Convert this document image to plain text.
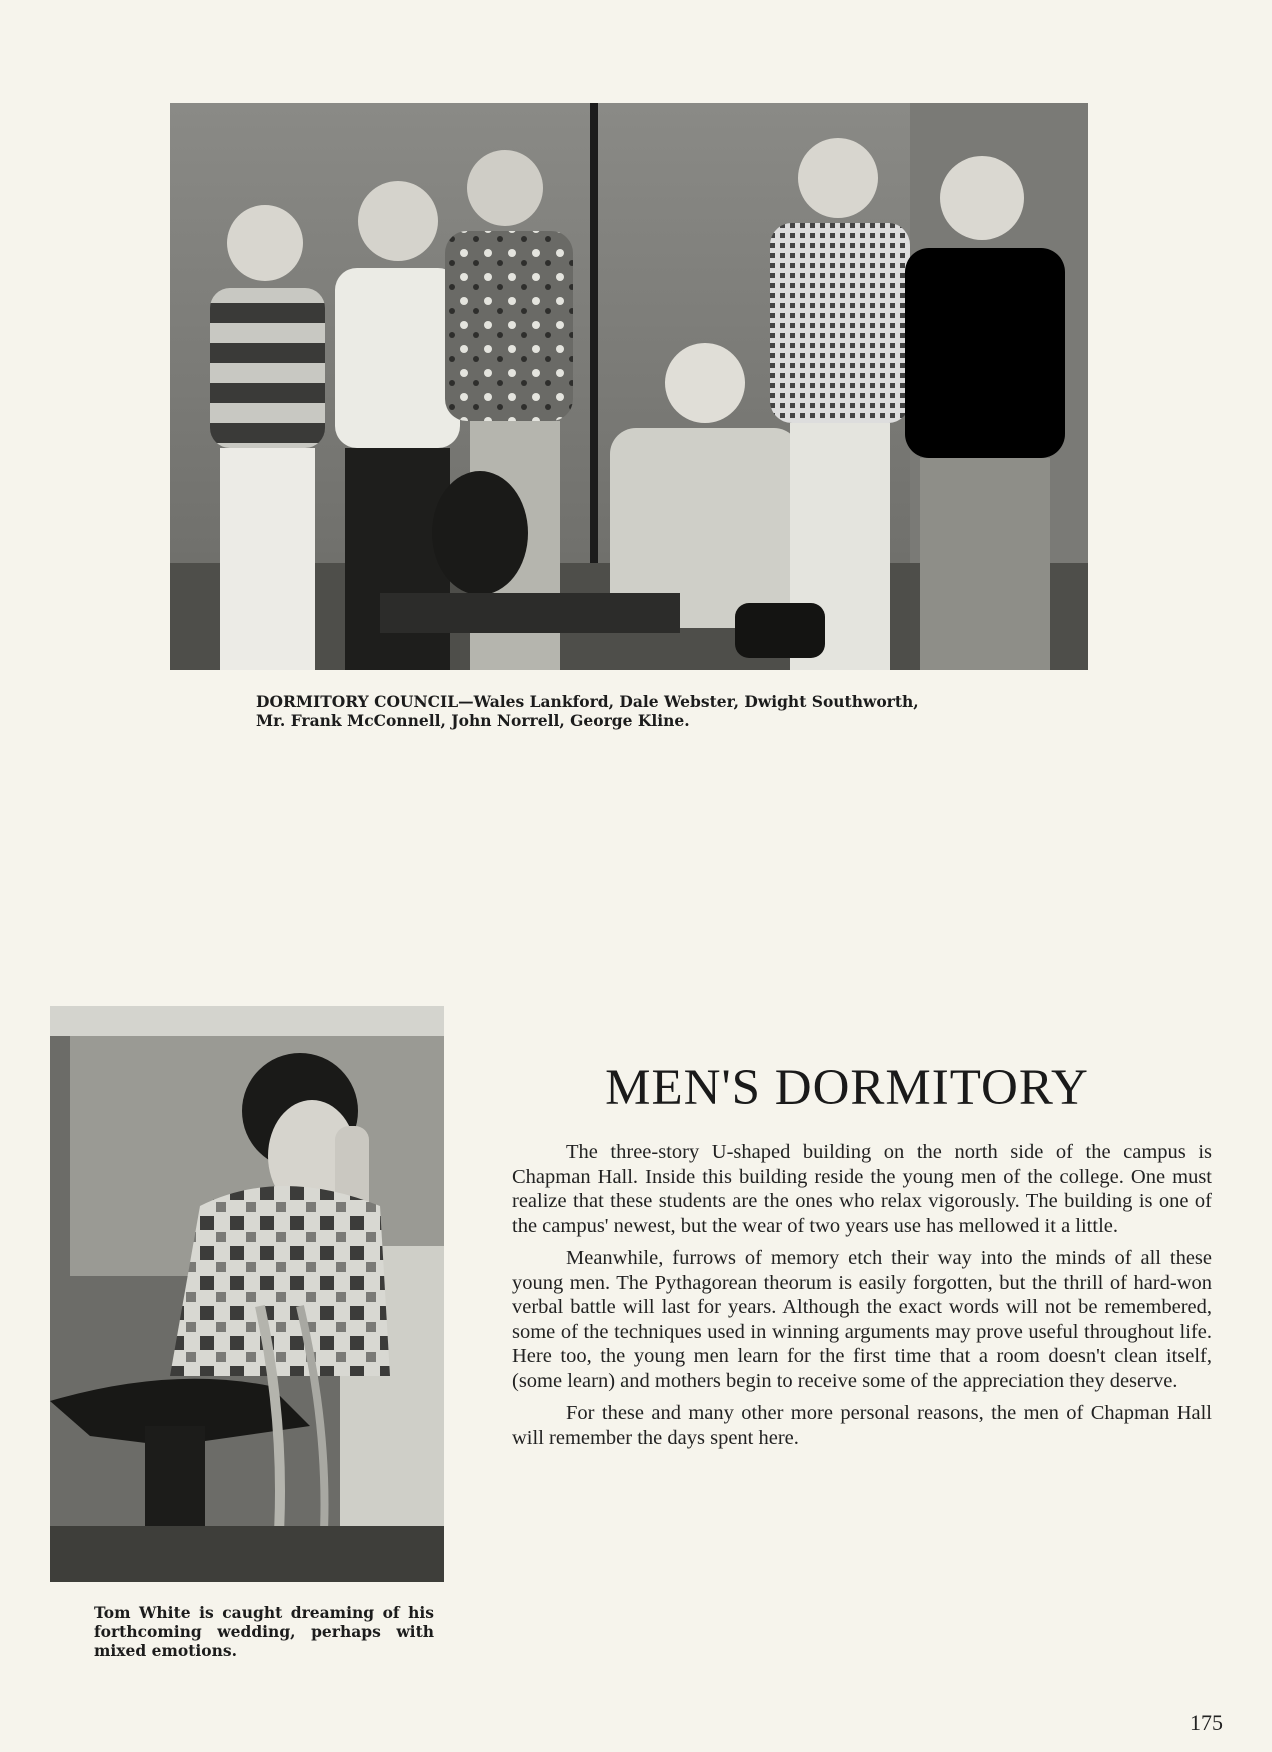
DORMITORY COUNCIL—Wales Lankford, Dale Webster, Dwight Southworth,
Mr. Frank McConnell, John Norrell, George Kline.

Tom White is caught dreaming of his forthcoming wedding, perhaps with mixed emotions.

MEN'S DORMITORY

The three-story U-shaped building on the north side of the campus is Chapman Hall. Inside this building reside the young men of the college. One must realize that these students are the ones who relax vigorously. The building is one of the campus' newest, but the wear of two years use has mellowed it a little.

Meanwhile, furrows of memory etch their way into the minds of all these young men. The Pythagorean theorum is easily forgotten, but the thrill of hard-won verbal battle will last for years. Although the exact words will not be remembered, some of the techniques used in winning arguments may prove useful throughout life. Here too, the young men learn for the first time that a room doesn't clean itself, (some learn) and mothers begin to receive some of the appreciation they deserve.

For these and many other more personal reasons, the men of Chapman Hall will remember the days spent here.

175
